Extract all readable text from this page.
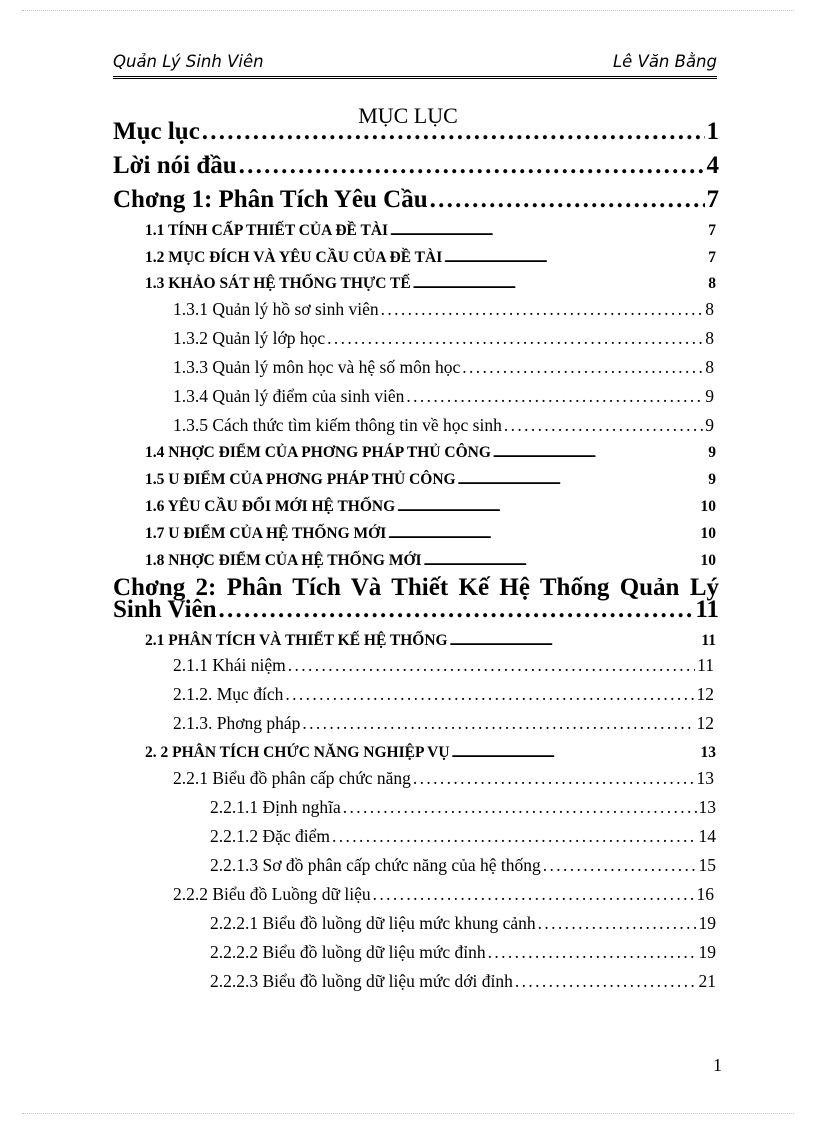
Quản Lý Sinh Viên	Lê Văn Bằng
MỤC LỤC
Mục lục . . .	1
Lời nói đầu . . .	4
Chơng 1: Phân Tích Yêu Cầu . . .	7
1.1 TÍNH CẤP THIẾT CỦA ĐỀ TÀI . . .	7
1.2 MỤC ĐÍCH VÀ YÊU CẦU CỦA ĐỀ TÀI . . .	7
1.3 KHẢO SÁT HỆ THỐNG THỰC TẾ . . .	8
1.3.1 Quản lý hồ sơ sinh viên . . .	8
1.3.2 Quản lý lớp học . . .	8
1.3.3 Quản lý môn học và hệ số môn học . . .	8
1.3.4 Quản lý điểm của sinh viên . . .	9
1.3.5 Cách thức tìm kiếm thông tin về học sinh . . .	9
1.4 NHỢC ĐIỂM CỦA PHƠNG PHÁP THỦ CÔNG . . .	9
1.5 U ĐIỂM CỦA PHƠNG PHÁP THỦ CÔNG . . .	9
1.6 YÊU CẦU ĐỔI MỚI HỆ THỐNG . . .	10
1.7 U ĐIỂM CỦA HỆ THỐNG MỚI . . .	10
1.8 NHỢC ĐIỂM CỦA HỆ THỐNG MỚI . . .	10
Chơng 2: Phân Tích Và Thiết Kế Hệ Thống Quản Lý
Sinh Viên . . .	11
2.1 PHÂN TÍCH VÀ THIẾT KẾ HỆ THỐNG . . .	11
2.1.1 Khái niệm . . .	11
2.1.2. Mục đích . . .	12
2.1.3. Phơng pháp . . .	12
2. 2 PHÂN TÍCH CHỨC NĂNG NGHIỆP VỤ . . .	13
2.2.1 Biểu đồ phân cấp chức năng . . .	13
2.2.1.1 Định nghĩa . . .	13
2.2.1.2 Đặc điểm . . .	14
2.2.1.3 Sơ đồ phân cấp chức năng của hệ thống . . .	15
2.2.2 Biểu đồ Luồng dữ liệu . . .	16
2.2.2.1 Biểu đồ luồng dữ liệu mức khung cảnh . . .	19
2.2.2.2 Biểu đồ luồng dữ liệu mức đỉnh . . .	19
2.2.2.3 Biểu đồ luồng dữ liệu mức dới đỉnh . . .	21
1
